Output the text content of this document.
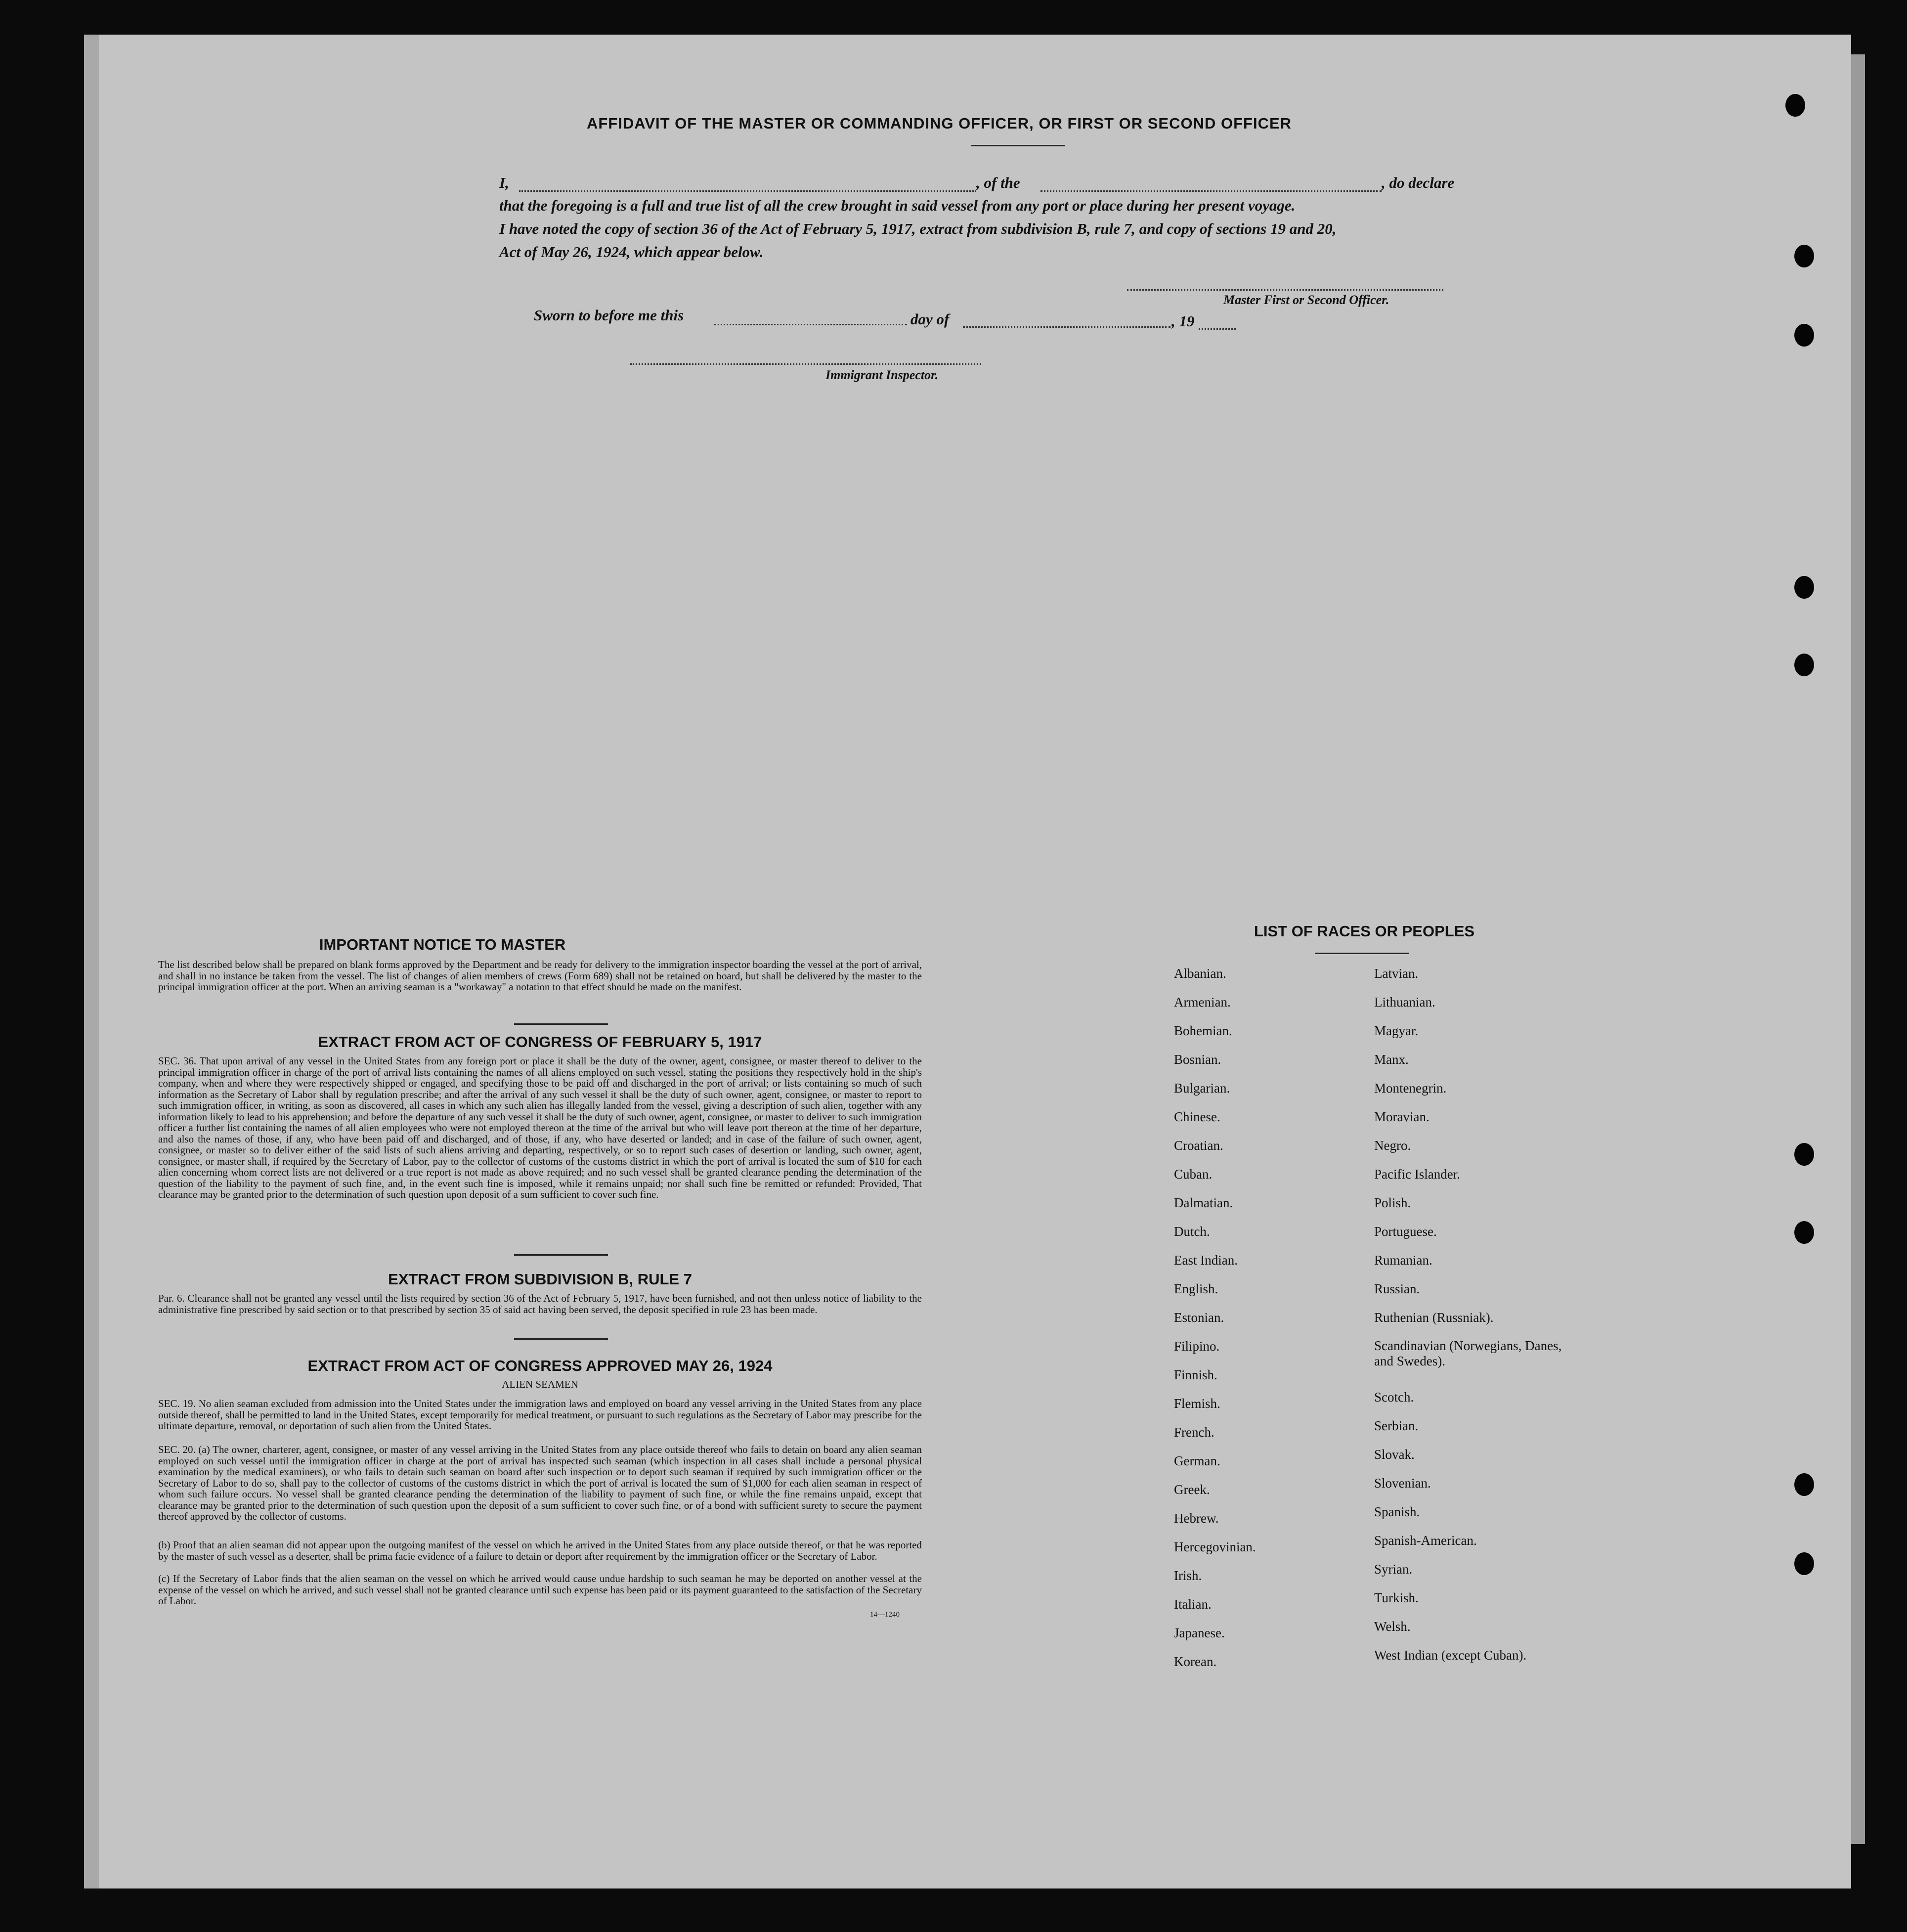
AFFIDAVIT OF THE MASTER OR COMMANDING OFFICER, OR FIRST OR SECOND OFFICER
I,	, of the	, do declare
that the foregoing is a full and true list of all the crew brought in said vessel from any port or place during her present voyage.
I have noted the copy of section 36 of the Act of February 5, 1917, extract from subdivision B, rule 7, and copy of sections 19 and 20,
Act of May 26, 1924, which appear below.
Master First or Second Officer.
Sworn to before me this	day of	, 19
Immigrant Inspector.
IMPORTANT NOTICE TO MASTER
The list described below shall be prepared on blank forms approved by the Department and be ready for delivery to the immigration inspector boarding the vessel at the port of arrival, and shall in no instance be taken from the vessel. The list of changes of alien members of crews (Form 689) shall not be retained on board, but shall be delivered by the master to the principal immigration officer at the port. When an arriving seaman is a "workaway" a notation to that effect should be made on the manifest.
EXTRACT FROM ACT OF CONGRESS OF FEBRUARY 5, 1917
SEC. 36. That upon arrival of any vessel in the United States from any foreign port or place it shall be the duty of the owner, agent, consignee, or master thereof to deliver to the principal immigration officer in charge of the port of arrival lists containing the names of all aliens employed on such vessel, stating the positions they respectively hold in the ship's company, when and where they were respectively shipped or engaged, and specifying those to be paid off and discharged in the port of arrival; or lists containing so much of such information as the Secretary of Labor shall by regulation prescribe; and after the arrival of any such vessel it shall be the duty of such owner, agent, consignee, or master to report to such immigration officer, in writing, as soon as discovered, all cases in which any such alien has illegally landed from the vessel, giving a description of such alien, together with any information likely to lead to his apprehension; and before the departure of any such vessel it shall be the duty of such owner, agent, consignee, or master to deliver to such immigration officer a further list containing the names of all alien employees who were not employed thereon at the time of the arrival but who will leave port thereon at the time of her departure, and also the names of those, if any, who have been paid off and discharged, and of those, if any, who have deserted or landed; and in case of the failure of such owner, agent, consignee, or master so to deliver either of the said lists of such aliens arriving and departing, respectively, or so to report such cases of desertion or landing, such owner, agent, consignee, or master shall, if required by the Secretary of Labor, pay to the collector of customs of the customs district in which the port of arrival is located the sum of $10 for each alien concerning whom correct lists are not delivered or a true report is not made as above required; and no such vessel shall be granted clearance pending the determination of the question of the liability to the payment of such fine, and, in the event such fine is imposed, while it remains unpaid; nor shall such fine be remitted or refunded: Provided, That clearance may be granted prior to the determination of such question upon deposit of a sum sufficient to cover such fine.
EXTRACT FROM SUBDIVISION B, RULE 7
Par. 6. Clearance shall not be granted any vessel until the lists required by section 36 of the Act of February 5, 1917, have been furnished, and not then unless notice of liability to the administrative fine prescribed by said section or to that prescribed by section 35 of said act having been served, the deposit specified in rule 23 has been made.
EXTRACT FROM ACT OF CONGRESS APPROVED MAY 26, 1924
ALIEN SEAMEN
SEC. 19. No alien seaman excluded from admission into the United States under the immigration laws and employed on board any vessel arriving in the United States from any place outside thereof, shall be permitted to land in the United States, except temporarily for medical treatment, or pursuant to such regulations as the Secretary of Labor may prescribe for the ultimate departure, removal, or deportation of such alien from the United States.
SEC. 20. (a) The owner, charterer, agent, consignee, or master of any vessel arriving in the United States from any place outside thereof who fails to detain on board any alien seaman employed on such vessel until the immigration officer in charge at the port of arrival has inspected such seaman (which inspection in all cases shall include a personal physical examination by the medical examiners), or who fails to detain such seaman on board after such inspection or to deport such seaman if required by such immigration officer or the Secretary of Labor to do so, shall pay to the collector of customs of the customs district in which the port of arrival is located the sum of $1,000 for each alien seaman in respect of whom such failure occurs. No vessel shall be granted clearance pending the determination of the liability to payment of such fine, or while the fine remains unpaid, except that clearance may be granted prior to the determination of such question upon the deposit of a sum sufficient to cover such fine, or of a bond with sufficient surety to secure the payment thereof approved by the collector of customs.
(b) Proof that an alien seaman did not appear upon the outgoing manifest of the vessel on which he arrived in the United States from any place outside thereof, or that he was reported by the master of such vessel as a deserter, shall be prima facie evidence of a failure to detain or deport after requirement by the immigration officer or the Secretary of Labor.
(c) If the Secretary of Labor finds that the alien seaman on the vessel on which he arrived would cause undue hardship to such seaman he may be deported on another vessel at the expense of the vessel on which he arrived, and such vessel shall not be granted clearance until such expense has been paid or its payment guaranteed to the satisfaction of the Secretary of Labor.
14—1240
LIST OF RACES OR PEOPLES
Albanian.
Armenian.
Bohemian.
Bosnian.
Bulgarian.
Chinese.
Croatian.
Cuban.
Dalmatian.
Dutch.
East Indian.
English.
Estonian.
Filipino.
Finnish.
Flemish.
French.
German.
Greek.
Hebrew.
Hercegovinian.
Irish.
Italian.
Japanese.
Korean.
Latvian.
Lithuanian.
Magyar.
Manx.
Montenegrin.
Moravian.
Negro.
Pacific Islander.
Polish.
Portuguese.
Rumanian.
Russian.
Ruthenian (Russniak).
Scandinavian (Norwegians, Danes, and Swedes).
Scotch.
Serbian.
Slovak.
Slovenian.
Spanish.
Spanish-American.
Syrian.
Turkish.
Welsh.
West Indian (except Cuban).
